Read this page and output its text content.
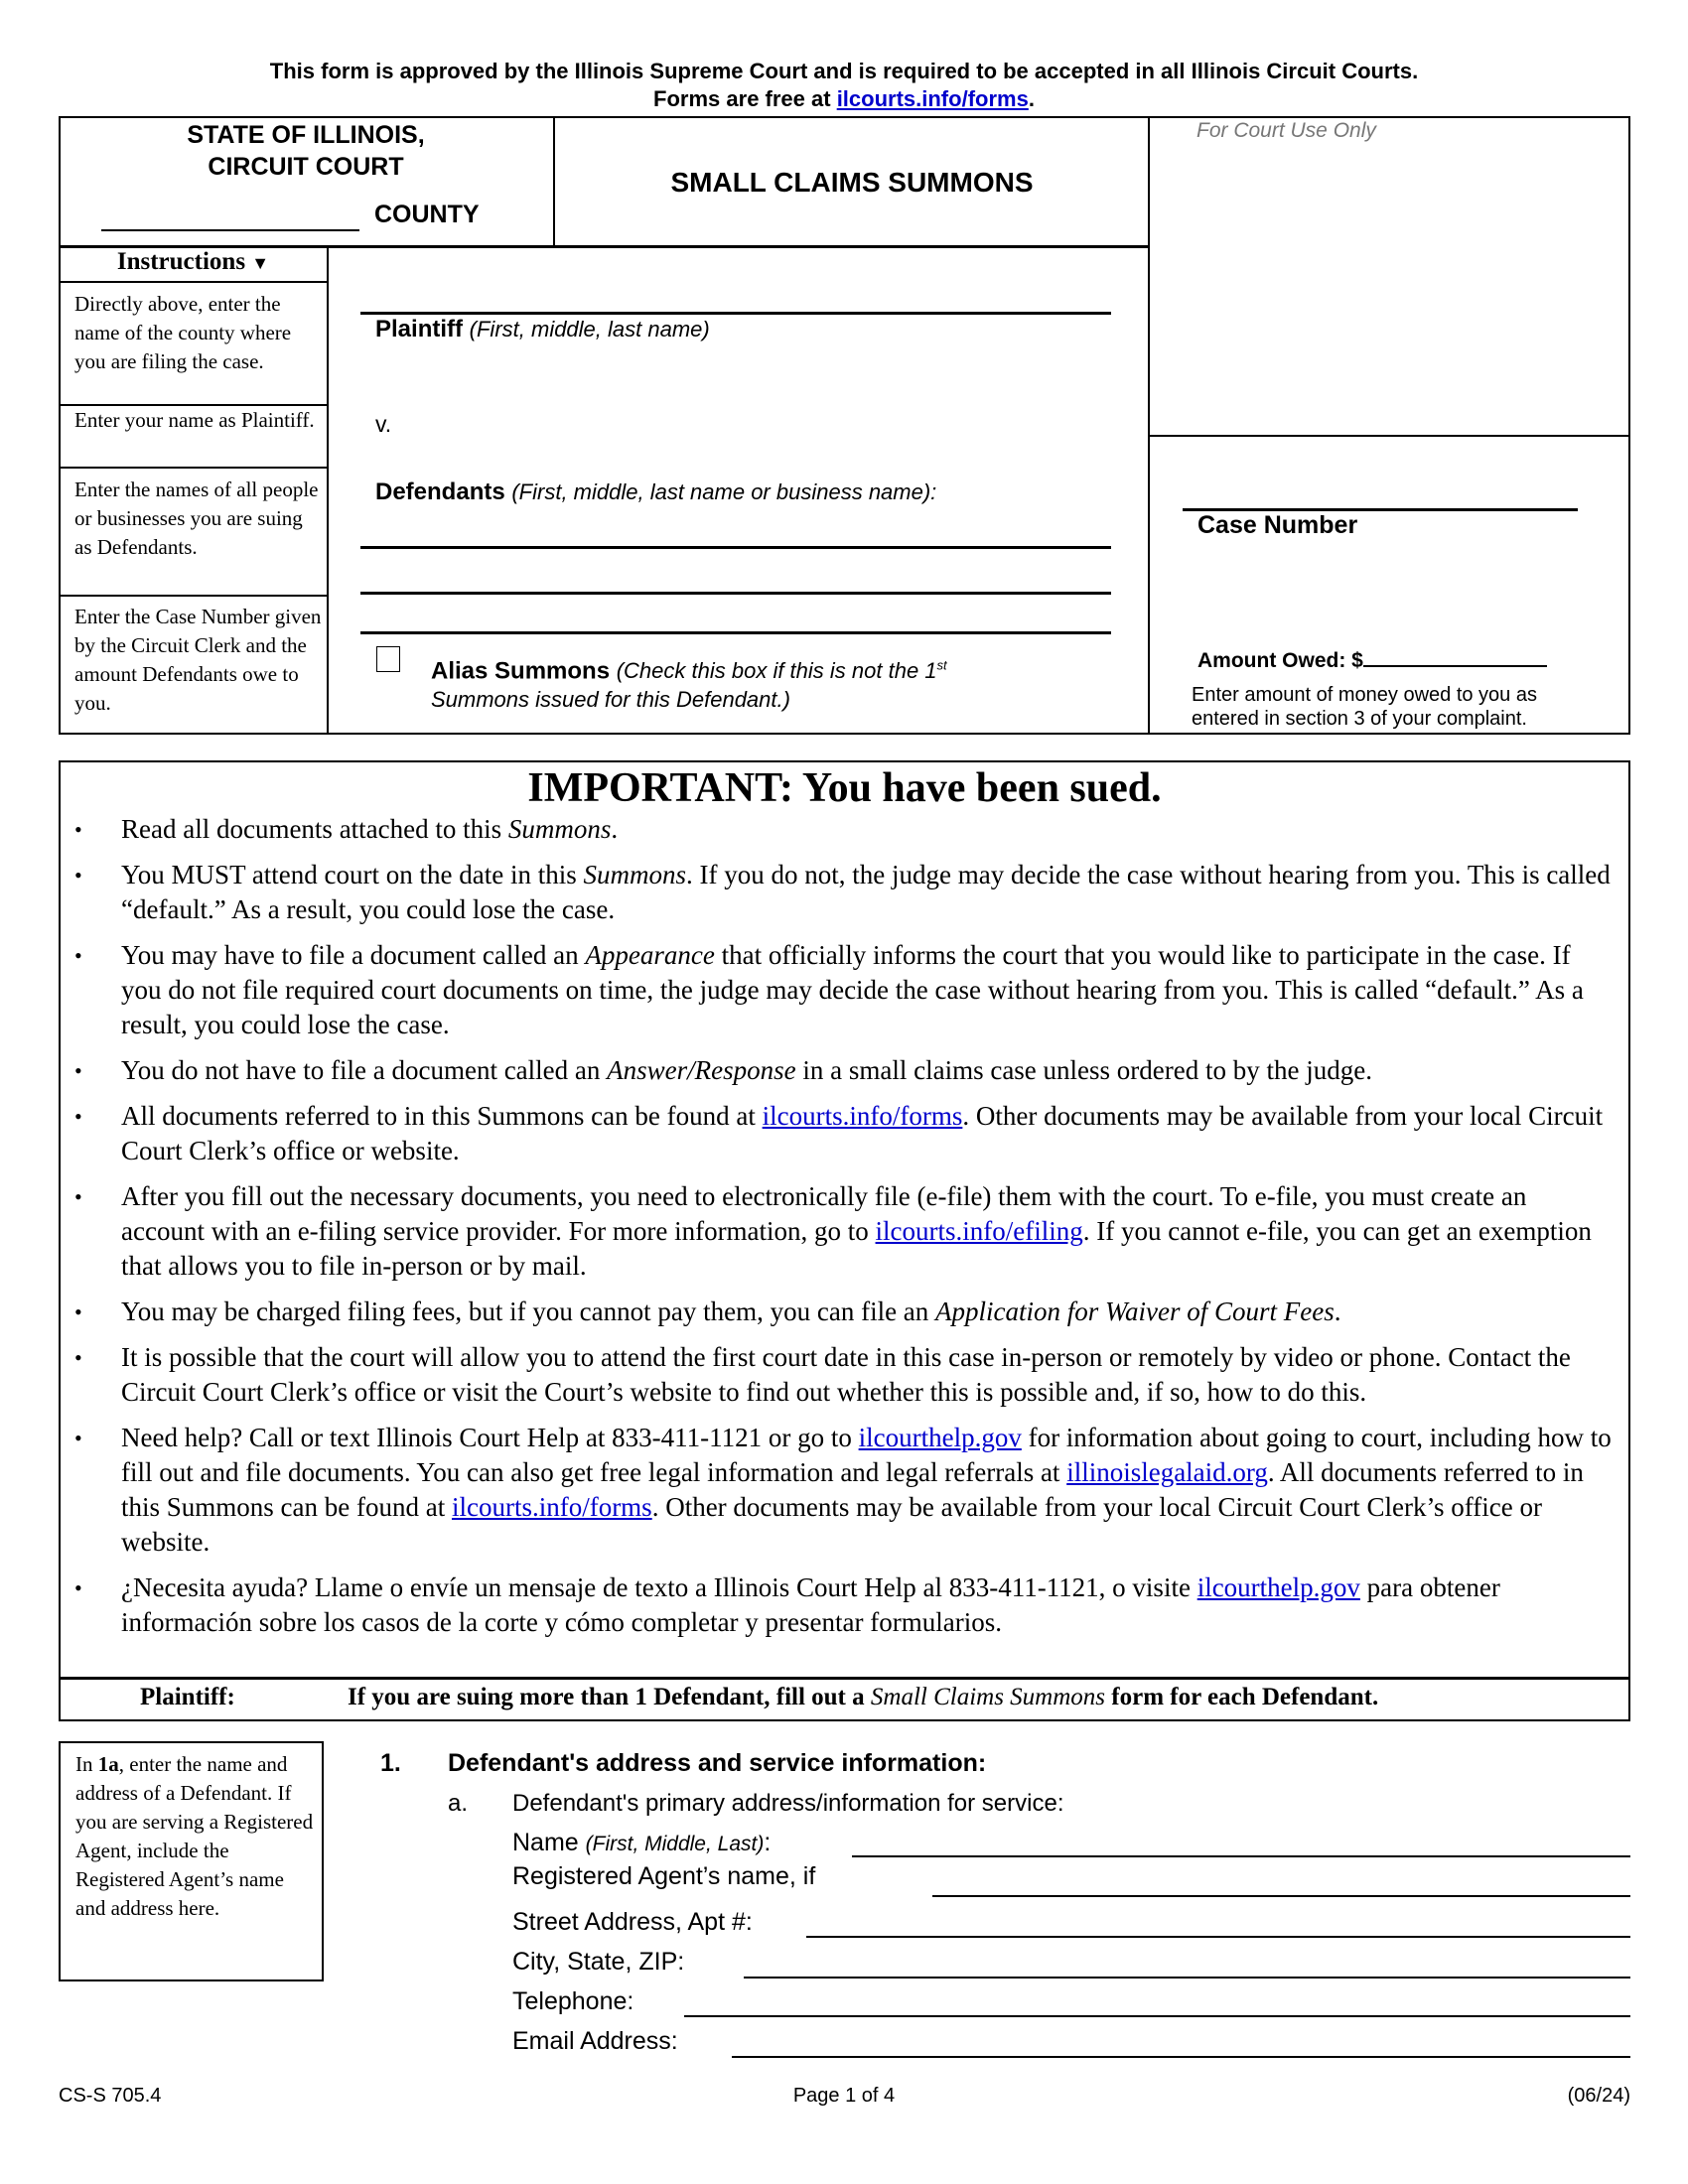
This form is approved by the Illinois Supreme Court and is required to be accepted in all Illinois Circuit Courts.
Forms are free at ilcourts.info/forms.
STATE OF ILLINOIS,
CIRCUIT COURT
COUNTY
SMALL CLAIMS SUMMONS
For Court Use Only
Instructions ▼
Directly above, enter the name of the county where you are filing the case.
Enter your name as Plaintiff.
Enter the names of all people or businesses you are suing as Defendants.
Enter the Case Number given by the Circuit Clerk and the amount Defendants owe to you.
Plaintiff (First, middle, last name)
v.
Defendants (First, middle, last name or business name):
Alias Summons (Check this box if this is not the 1st
Summons issued for this Defendant.)
Case Number
Amount Owed: $
Enter amount of money owed to you as entered in section 3 of your complaint.
IMPORTANT: You have been sued.
• Read all documents attached to this Summons.
• You MUST attend court on the date in this Summons. If you do not, the judge may decide the case without hearing from you. This is called “default.” As a result, you could lose the case.
• You may have to file a document called an Appearance that officially informs the court that you would like to participate in the case. If you do not file required court documents on time, the judge may decide the case without hearing from you. This is called “default.” As a result, you could lose the case.
• You do not have to file a document called an Answer/Response in a small claims case unless ordered to by the judge.
• All documents referred to in this Summons can be found at ilcourts.info/forms. Other documents may be available from your local Circuit Court Clerk’s office or website.
• After you fill out the necessary documents, you need to electronically file (e-file) them with the court. To e-file, you must create an account with an e-filing service provider. For more information, go to ilcourts.info/efiling. If you cannot e-file, you can get an exemption that allows you to file in-person or by mail.
• You may be charged filing fees, but if you cannot pay them, you can file an Application for Waiver of Court Fees.
• It is possible that the court will allow you to attend the first court date in this case in-person or remotely by video or phone. Contact the Circuit Court Clerk’s office or visit the Court’s website to find out whether this is possible and, if so, how to do this.
• Need help? Call or text Illinois Court Help at 833-411-1121 or go to ilcourthelp.gov for information about going to court, including how to fill out and file documents. You can also get free legal information and legal referrals at illinoislegalaid.org. All documents referred to in this Summons can be found at ilcourts.info/forms. Other documents may be available from your local Circuit Court Clerk’s office or website.
• ¿Necesita ayuda? Llame o envíe un mensaje de texto a Illinois Court Help al 833-411-1121, o visite ilcourthelp.gov para obtener información sobre los casos de la corte y cómo completar y presentar formularios.
Plaintiff:	If you are suing more than 1 Defendant, fill out a Small Claims Summons form for each Defendant.
In 1a, enter the name and address of a Defendant. If you are serving a Registered Agent, include the Registered Agent’s name and address here.
1. Defendant's address and service information:
a. Defendant's primary address/information for service:
Name (First, Middle, Last):
Registered Agent’s name, if
Street Address, Apt #:
City, State, ZIP:
Telephone:
Email Address:
CS-S 705.4	Page 1 of 4	(06/24)
